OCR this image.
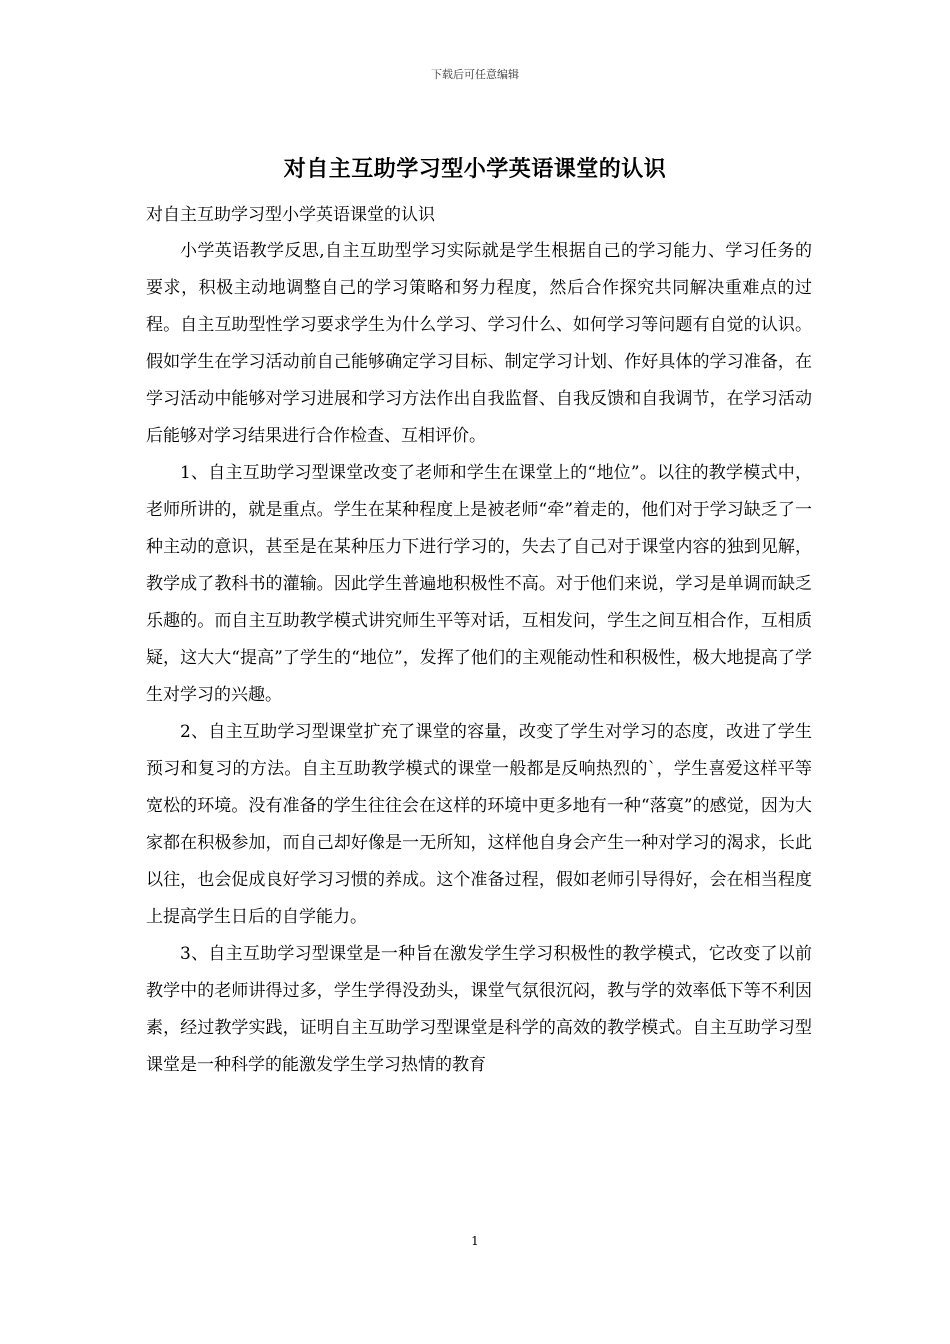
下载后可任意编辑
对自主互助学习型小学英语课堂的认识
对自主互助学习型小学英语课堂的认识

小学英语教学反思,自主互助型学习实际就是学生根据自己的学习能力、学习任务的要求，积极主动地调整自己的学习策略和努力程度，然后合作探究共同解决重难点的过程。自主互助型性学习要求学生为什么学习、学习什么、如何学习等问题有自觉的认识。假如学生在学习活动前自己能够确定学习目标、制定学习计划、作好具体的学习准备，在学习活动中能够对学习进展和学习方法作出自我监督、自我反馈和自我调节，在学习活动后能够对学习结果进行合作检查、互相评价。

1、自主互助学习型课堂改变了老师和学生在课堂上的“地位”。以往的教学模式中，老师所讲的，就是重点。学生在某种程度上是被老师“牵”着走的，他们对于学习缺乏了一种主动的意识，甚至是在某种压力下进行学习的，失去了自己对于课堂内容的独到见解，教学成了教科书的灌输。因此学生普遍地积极性不高。对于他们来说，学习是单调而缺乏乐趣的。而自主互助教学模式讲究师生平等对话，互相发问，学生之间互相合作，互相质疑，这大大“提高”了学生的“地位”，发挥了他们的主观能动性和积极性，极大地提高了学生对学习的兴趣。

2、自主互助学习型课堂扩充了课堂的容量，改变了学生对学习的态度，改进了学生预习和复习的方法。自主互助教学模式的课堂一般都是反响热烈的`，学生喜爱这样平等宽松的环境。没有准备的学生往往会在这样的环境中更多地有一种“落寞”的感觉，因为大家都在积极参加，而自己却好像是一无所知，这样他自身会产生一种对学习的渴求，长此以往，也会促成良好学习习惯的养成。这个准备过程，假如老师引导得好，会在相当程度上提高学生日后的自学能力。

3、自主互助学习型课堂是一种旨在激发学生学习积极性的教学模式，它改变了以前教学中的老师讲得过多，学生学得没劲头，课堂气氛很沉闷，教与学的效率低下等不利因素，经过教学实践，证明自主互助学习型课堂是科学的高效的教学模式。自主互助学习型课堂是一种科学的能激发学生学习热情的教育

1
